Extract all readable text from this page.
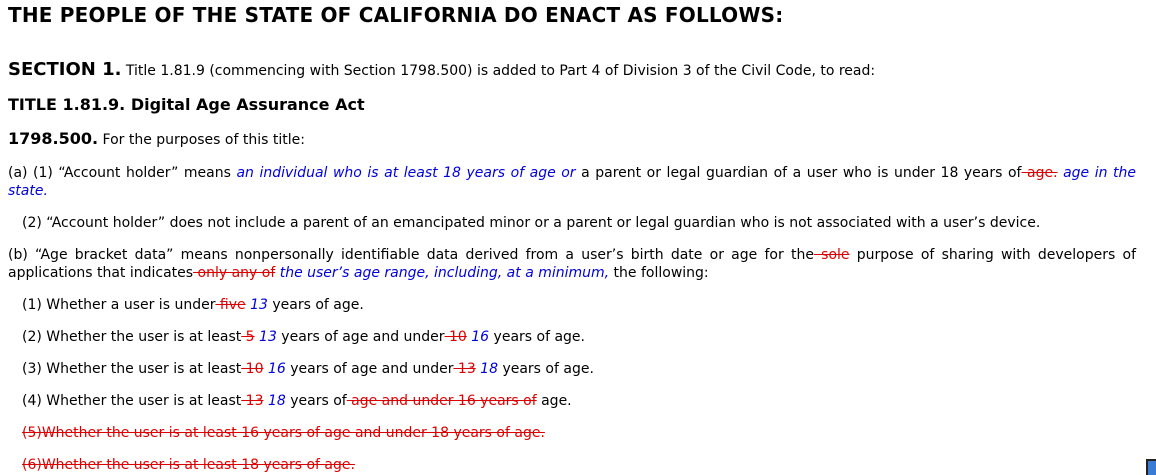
THE PEOPLE OF THE STATE OF CALIFORNIA DO ENACT AS FOLLOWS:
SECTION 1. Title 1.81.9 (commencing with Section 1798.500) is added to Part 4 of Division 3 of the Civil Code, to read:
TITLE 1.81.9. Digital Age Assurance Act
1798.500. For the purposes of this title:
(a) (1) “Account holder” means an individual who is at least 18 years of age or a parent or legal guardian of a user who is under 18 years of age. age in the state.
(2) “Account holder” does not include a parent of an emancipated minor or a parent or legal guardian who is not associated with a user’s device.
(b) “Age bracket data” means nonpersonally identifiable data derived from a user’s birth date or age for the sole purpose of sharing with developers of applications that indicates only any of the user’s age range, including, at a minimum, the following:
(1) Whether a user is under five 13 years of age.
(2) Whether the user is at least 5 13 years of age and under 10 16 years of age.
(3) Whether the user is at least 10 16 years of age and under 13 18 years of age.
(4) Whether the user is at least 13 18 years of age and under 16 years of age.
(5)Whether the user is at least 16 years of age and under 18 years of age.
(6)Whether the user is at least 18 years of age.
